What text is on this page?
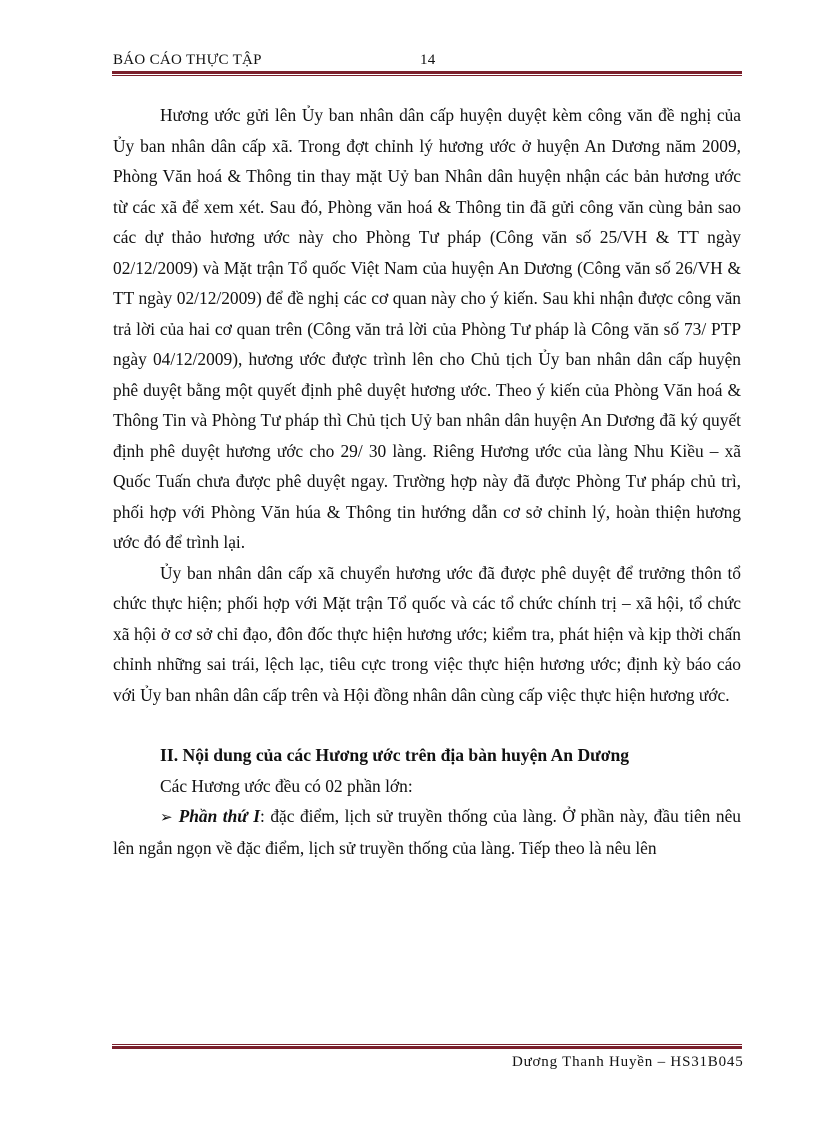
BÁO CÁO THỰC TẬP	14

Hương ước gửi lên Ủy ban nhân dân cấp huyện duyệt kèm công văn đề nghị của Ủy ban nhân dân cấp xã. Trong đợt chỉnh lý hương ước ở huyện An Dương năm 2009, Phòng Văn hoá & Thông tin thay mặt Uỷ ban Nhân dân huyện nhận các bản hương ước từ các xã để xem xét. Sau đó, Phòng văn hoá & Thông tin đã gửi công văn cùng bản sao các dự thảo hương ước này cho Phòng Tư pháp (Công văn số 25/VH & TT ngày 02/12/2009) và Mặt trận Tổ quốc Việt Nam của huyện An Dương (Công văn số 26/VH & TT ngày 02/12/2009) để đề nghị các cơ quan này cho ý kiến. Sau khi nhận được công văn trả lời của hai cơ quan trên (Công văn trả lời của Phòng Tư pháp là Công văn số 73/ PTP ngày 04/12/2009), hương ước được trình lên cho Chủ tịch Ủy ban nhân dân cấp huyện phê duyệt bằng một quyết định phê duyệt hương ước. Theo ý kiến của Phòng Văn hoá & Thông Tin và Phòng Tư pháp thì Chủ tịch Uỷ ban nhân dân huyện An Dương đã ký quyết định phê duyệt hương ước cho 29/ 30 làng. Riêng Hương ước của làng Nhu Kiều – xã Quốc Tuấn chưa được phê duyệt ngay. Trường hợp này đã được Phòng Tư pháp chủ trì, phối hợp với Phòng Văn húa & Thông tin hướng dẫn cơ sở chỉnh lý, hoàn thiện hương ước đó để trình lại.

Ủy ban nhân dân cấp xã chuyển hương ước đã được phê duyệt để trưởng thôn tổ chức thực hiện; phối hợp với Mặt trận Tổ quốc và các tổ chức chính trị – xã hội, tổ chức xã hội ở cơ sở chỉ đạo, đôn đốc thực hiện hương ước; kiểm tra, phát hiện và kịp thời chấn chỉnh những sai trái, lệch lạc, tiêu cực trong việc thực hiện hương ước; định kỳ báo cáo với Ủy ban nhân dân cấp trên và Hội đồng nhân dân cùng cấp việc thực hiện hương ước.

II. Nội dung của các Hương ước trên địa bàn huyện An Dương

Các Hương ước đều có 02 phần lớn:

➢ Phần thứ I: đặc điểm, lịch sử truyền thống của làng. Ở phần này, đầu tiên nêu lên ngắn ngọn về đặc điểm, lịch sử truyền thống của làng. Tiếp theo là nêu lên

Dương Thanh Huyền – HS31B045
